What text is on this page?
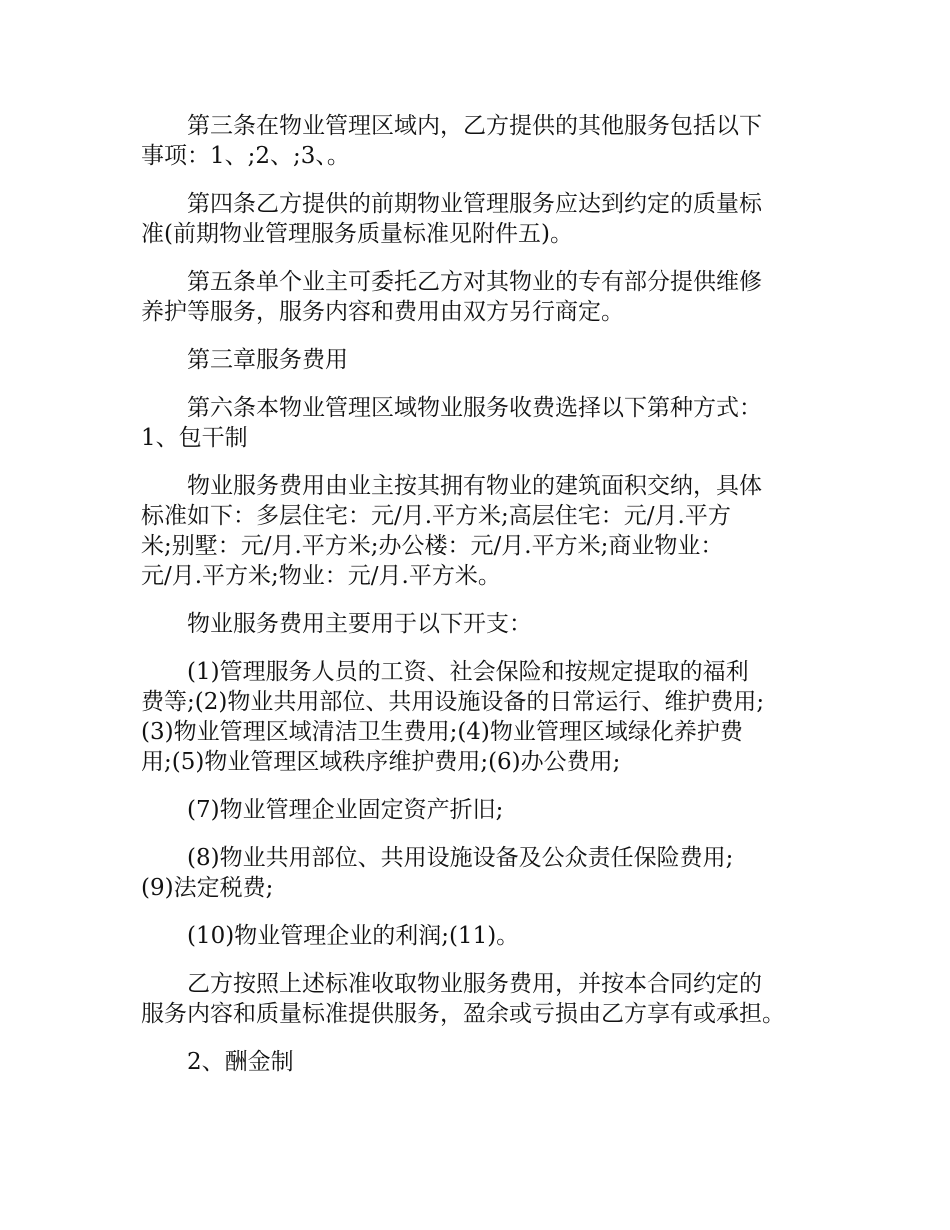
第三条在物业管理区域内，乙方提供的其他服务包括以下
事项：1、;2、;3、。

第四条乙方提供的前期物业管理服务应达到约定的质量标
准(前期物业管理服务质量标准见附件五)。

第五条单个业主可委托乙方对其物业的专有部分提供维修
养护等服务，服务内容和费用由双方另行商定。

第三章服务费用

第六条本物业管理区域物业服务收费选择以下第种方式：
1、包干制

物业服务费用由业主按其拥有物业的建筑面积交纳，具体
标准如下：多层住宅：元/月.平方米;高层住宅：元/月.平方
米;别墅：元/月.平方米;办公楼：元/月.平方米;商业物业：
元/月.平方米;物业：元/月.平方米。

物业服务费用主要用于以下开支：

(1)管理服务人员的工资、社会保险和按规定提取的福利
费等;(2)物业共用部位、共用设施设备的日常运行、维护费用;
(3)物业管理区域清洁卫生费用;(4)物业管理区域绿化养护费
用;(5)物业管理区域秩序维护费用;(6)办公费用;

(7)物业管理企业固定资产折旧;

(8)物业共用部位、共用设施设备及公众责任保险费用;
(9)法定税费;

(10)物业管理企业的利润;(11)。

乙方按照上述标准收取物业服务费用，并按本合同约定的
服务内容和质量标准提供服务，盈余或亏损由乙方享有或承担。

2、酬金制
